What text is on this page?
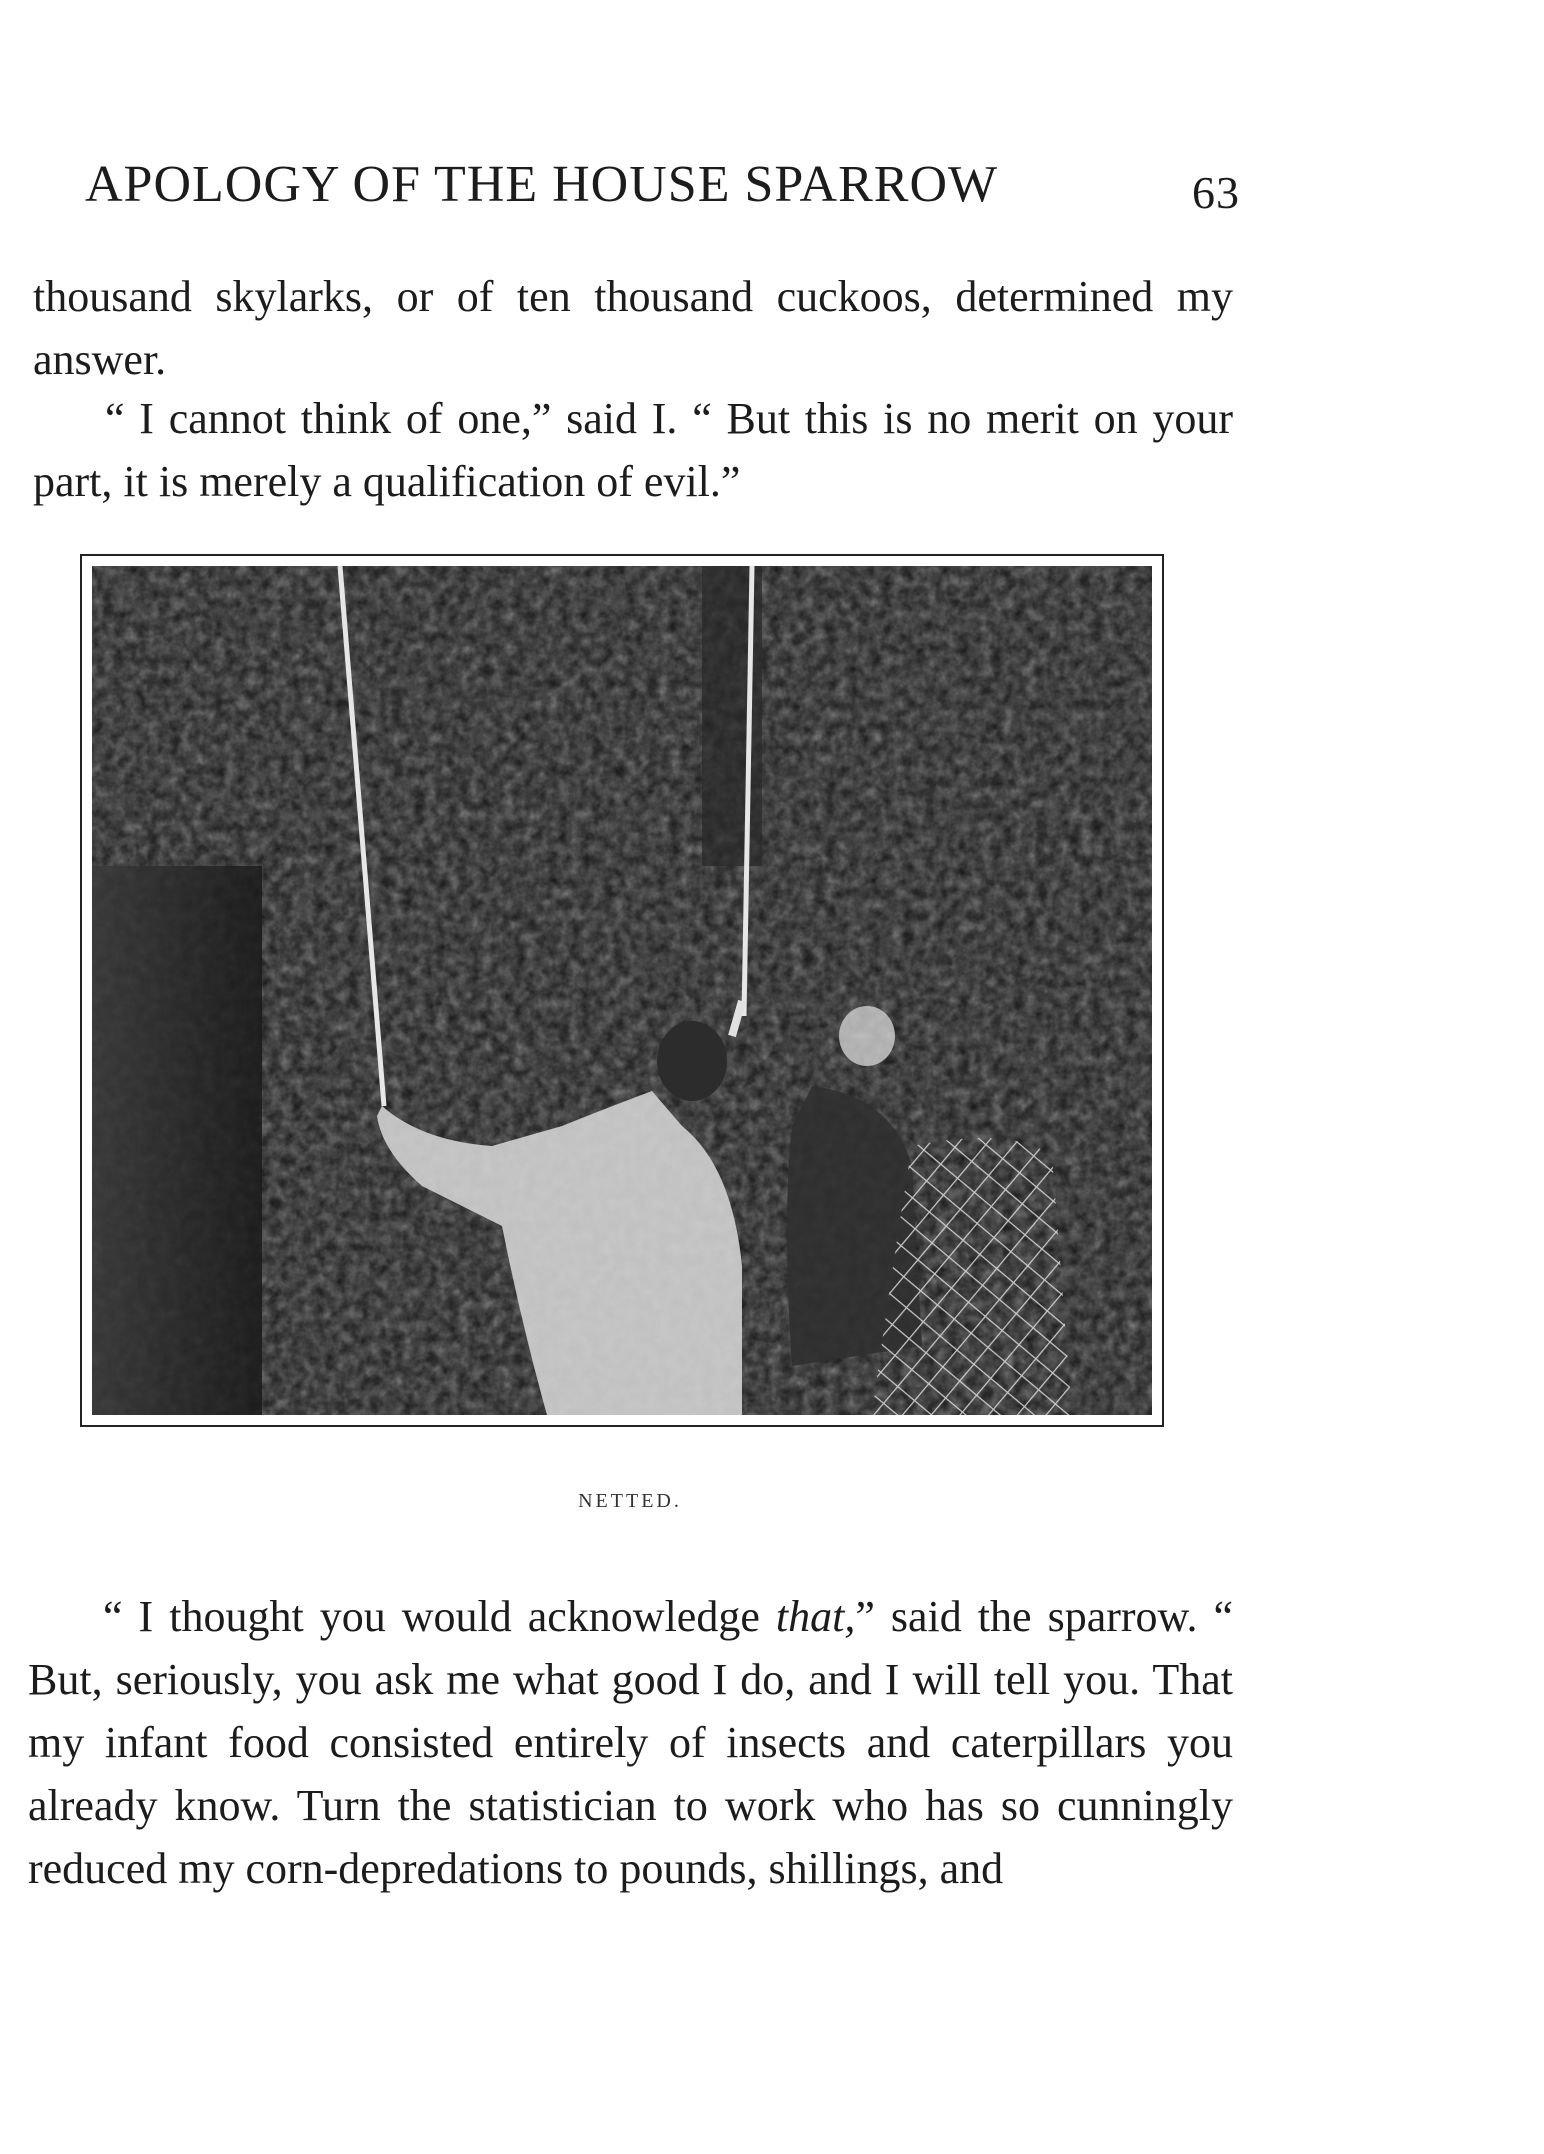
APOLOGY OF THE HOUSE SPARROW	63
thousand skylarks, or of ten thousand cuckoos, determined my answer.
“ I cannot think of one,” said I. “ But this is no merit on your part, it is merely a qualification of evil.”
NETTED.
“ I thought you would acknowledge that,” said the sparrow. “ But, seriously, you ask me what good I do, and I will tell you. That my infant food consisted entirely of insects and caterpillars you already know. Turn the statistician to work who has so cunningly reduced my corn-depredations to pounds, shillings, and
